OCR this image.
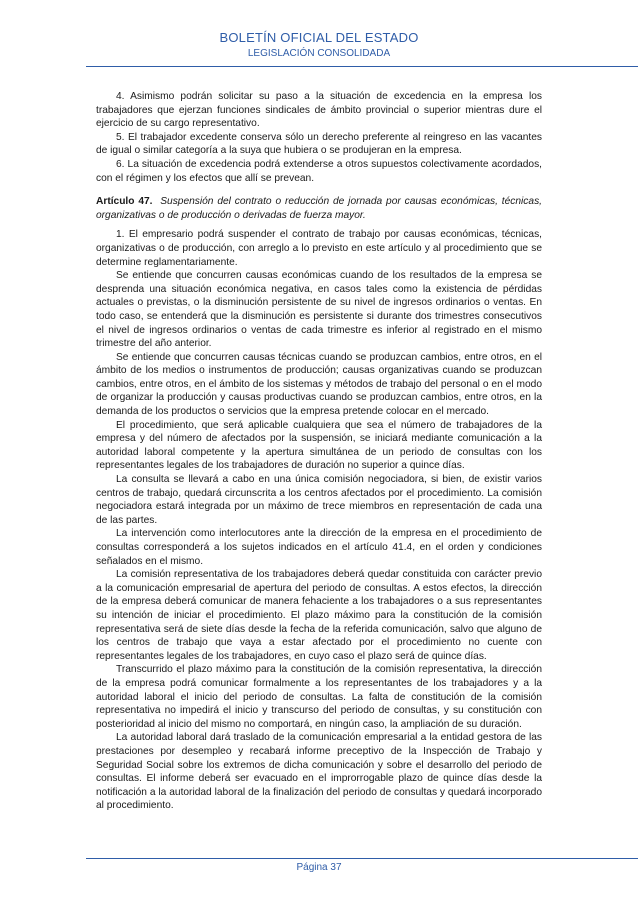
BOLETÍN OFICIAL DEL ESTADO
LEGISLACIÓN CONSOLIDADA

4. Asimismo podrán solicitar su paso a la situación de excedencia en la empresa los trabajadores que ejerzan funciones sindicales de ámbito provincial o superior mientras dure el ejercicio de su cargo representativo.

5. El trabajador excedente conserva sólo un derecho preferente al reingreso en las vacantes de igual o similar categoría a la suya que hubiera o se produjeran en la empresa.

6. La situación de excedencia podrá extenderse a otros supuestos colectivamente acordados, con el régimen y los efectos que allí se prevean.

Artículo 47. Suspensión del contrato o reducción de jornada por causas económicas, técnicas, organizativas o de producción o derivadas de fuerza mayor.

1. El empresario podrá suspender el contrato de trabajo por causas económicas, técnicas, organizativas o de producción, con arreglo a lo previsto en este artículo y al procedimiento que se determine reglamentariamente.

Se entiende que concurren causas económicas cuando de los resultados de la empresa se desprenda una situación económica negativa, en casos tales como la existencia de pérdidas actuales o previstas, o la disminución persistente de su nivel de ingresos ordinarios o ventas. En todo caso, se entenderá que la disminución es persistente si durante dos trimestres consecutivos el nivel de ingresos ordinarios o ventas de cada trimestre es inferior al registrado en el mismo trimestre del año anterior.

Se entiende que concurren causas técnicas cuando se produzcan cambios, entre otros, en el ámbito de los medios o instrumentos de producción; causas organizativas cuando se produzcan cambios, entre otros, en el ámbito de los sistemas y métodos de trabajo del personal o en el modo de organizar la producción y causas productivas cuando se produzcan cambios, entre otros, en la demanda de los productos o servicios que la empresa pretende colocar en el mercado.

El procedimiento, que será aplicable cualquiera que sea el número de trabajadores de la empresa y del número de afectados por la suspensión, se iniciará mediante comunicación a la autoridad laboral competente y la apertura simultánea de un periodo de consultas con los representantes legales de los trabajadores de duración no superior a quince días.

La consulta se llevará a cabo en una única comisión negociadora, si bien, de existir varios centros de trabajo, quedará circunscrita a los centros afectados por el procedimiento. La comisión negociadora estará integrada por un máximo de trece miembros en representación de cada una de las partes.

La intervención como interlocutores ante la dirección de la empresa en el procedimiento de consultas corresponderá a los sujetos indicados en el artículo 41.4, en el orden y condiciones señalados en el mismo.

La comisión representativa de los trabajadores deberá quedar constituida con carácter previo a la comunicación empresarial de apertura del periodo de consultas. A estos efectos, la dirección de la empresa deberá comunicar de manera fehaciente a los trabajadores o a sus representantes su intención de iniciar el procedimiento. El plazo máximo para la constitución de la comisión representativa será de siete días desde la fecha de la referida comunicación, salvo que alguno de los centros de trabajo que vaya a estar afectado por el procedimiento no cuente con representantes legales de los trabajadores, en cuyo caso el plazo será de quince días.

Transcurrido el plazo máximo para la constitución de la comisión representativa, la dirección de la empresa podrá comunicar formalmente a los representantes de los trabajadores y a la autoridad laboral el inicio del periodo de consultas. La falta de constitución de la comisión representativa no impedirá el inicio y transcurso del periodo de consultas, y su constitución con posterioridad al inicio del mismo no comportará, en ningún caso, la ampliación de su duración.

La autoridad laboral dará traslado de la comunicación empresarial a la entidad gestora de las prestaciones por desempleo y recabará informe preceptivo de la Inspección de Trabajo y Seguridad Social sobre los extremos de dicha comunicación y sobre el desarrollo del periodo de consultas. El informe deberá ser evacuado en el improrrogable plazo de quince días desde la notificación a la autoridad laboral de la finalización del periodo de consultas y quedará incorporado al procedimiento.

Página 37
